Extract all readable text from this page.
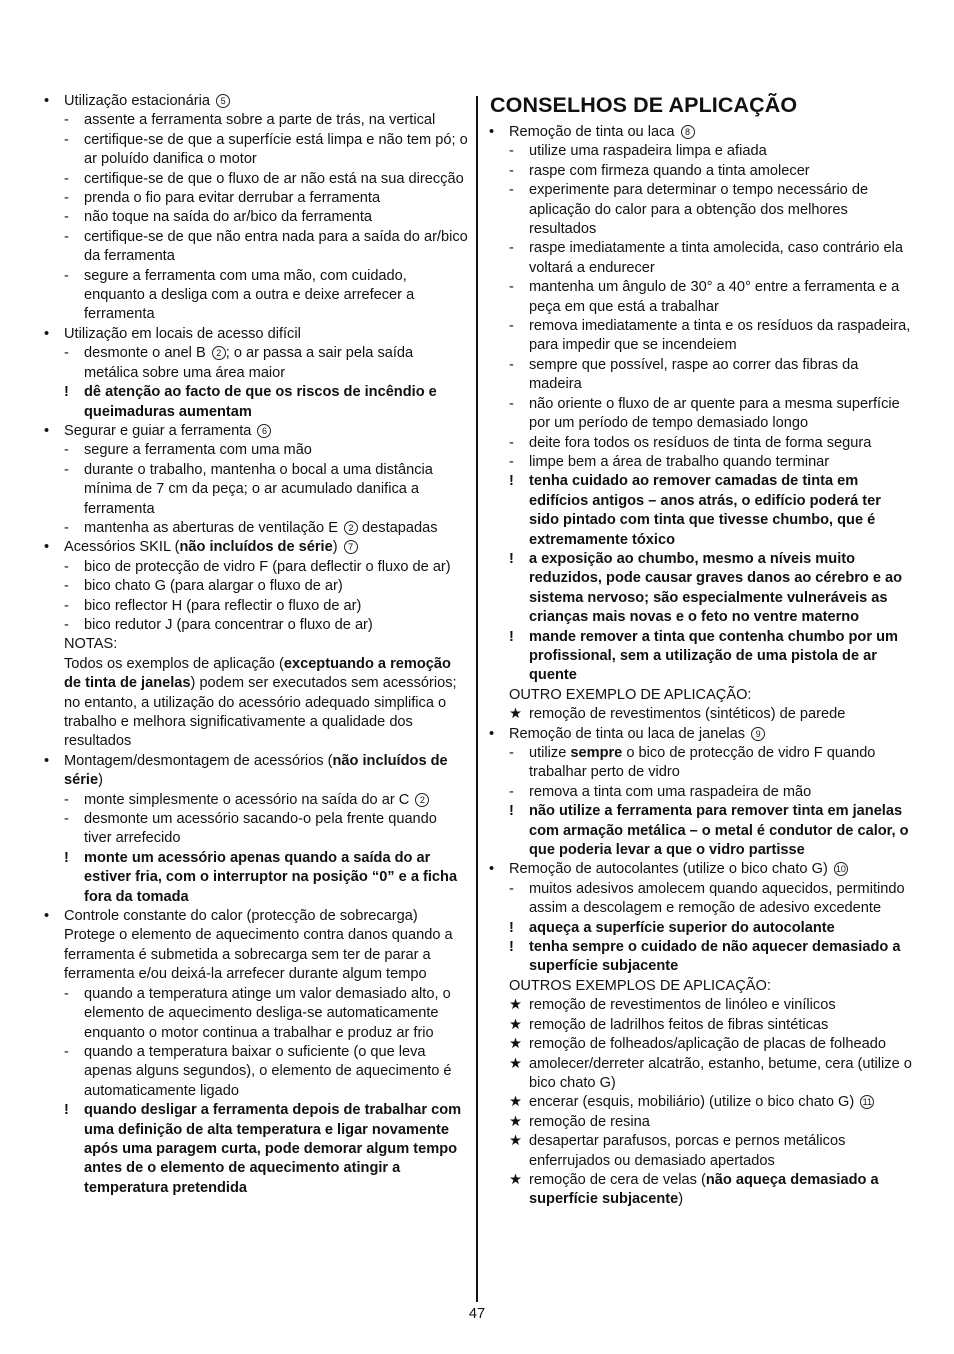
• Utilização estacionária 5
- assente a ferramenta sobre a parte de trás, na vertical
- certifique-se de que a superfície está limpa e não tem pó; o ar poluído danifica o motor
- certifique-se de que o fluxo de ar não está na sua direcção
- prenda o fio para evitar derrubar a ferramenta
- não toque na saída do ar/bico da ferramenta
- certifique-se de que não entra nada para a saída do ar/bico da ferramenta
- segure a ferramenta com uma mão, com cuidado, enquanto a desliga com a outra e deixe arrefecer a ferramenta
• Utilização em locais de acesso difícil
- desmonte o anel B 2 ; o ar passa a sair pela saída metálica sobre uma área maior
! dê atenção ao facto de que os riscos de incêndio e queimaduras aumentam
• Segurar e guiar a ferramenta 6
- segure a ferramenta com uma mão
- durante o trabalho, mantenha o bocal a uma distância mínima de 7 cm da peça; o ar acumulado danifica a ferramenta
- mantenha as aberturas de ventilação E 2 destapadas
• Acessórios SKIL (não incluídos de série) 7
- bico de protecção de vidro F (para deflectir o fluxo de ar)
- bico chato G (para alargar o fluxo de ar)
- bico reflector H (para reflectir o fluxo de ar)
- bico redutor J (para concentrar o fluxo de ar)
NOTAS:
Todos os exemplos de aplicação (exceptuando a remoção de tinta de janelas) podem ser executados sem acessórios; no entanto, a utilização do acessório adequado simplifica o trabalho e melhora significativamente a qualidade dos resultados
• Montagem/desmontagem de acessórios (não incluídos de série)
- monte simplesmente o acessório na saída do ar C 2
- desmonte um acessório sacando-o pela frente quando tiver arrefecido
! monte um acessório apenas quando a saída do ar estiver fria, com o interruptor na posição “0” e a ficha fora da tomada
• Controle constante do calor (protecção de sobrecarga) Protege o elemento de aquecimento contra danos quando a ferramenta é submetida a sobrecarga sem ter de parar a ferramenta e/ou deixá-la arrefecer durante algum tempo
- quando a temperatura atinge um valor demasiado alto, o elemento de aquecimento desliga-se automaticamente enquanto o motor continua a trabalhar e produz ar frio
- quando a temperatura baixar o suficiente (o que leva apenas alguns segundos), o elemento de aquecimento é automaticamente ligado
! quando desligar a ferramenta depois de trabalhar com uma definição de alta temperatura e ligar novamente após uma paragem curta, pode demorar algum tempo antes de o elemento de aquecimento atingir a temperatura pretendida
CONSELHOS DE APLICAÇÃO
• Remoção de tinta ou laca 8
- utilize uma raspadeira limpa e afiada
- raspe com firmeza quando a tinta amolecer
- experimente para determinar o tempo necessário de aplicação do calor para a obtenção dos melhores resultados
- raspe imediatamente a tinta amolecida, caso contrário ela voltará a endurecer
- mantenha um ângulo de 30° a 40° entre a ferramenta e a peça em que está a trabalhar
- remova imediatamente a tinta e os resíduos da raspadeira, para impedir que se incendeiem
- sempre que possível, raspe ao correr das fibras da madeira
- não oriente o fluxo de ar quente para a mesma superfície por um período de tempo demasiado longo
- deite fora todos os resíduos de tinta de forma segura
- limpe bem a área de trabalho quando terminar
! tenha cuidado ao remover camadas de tinta em edifícios antigos – anos atrás, o edifício poderá ter sido pintado com tinta que tivesse chumbo, que é extremamente tóxico
! a exposição ao chumbo, mesmo a níveis muito reduzidos, pode causar graves danos ao cérebro e ao sistema nervoso; são especialmente vulneráveis as crianças mais novas e o feto no ventre materno
! mande remover a tinta que contenha chumbo por um profissional, sem a utilização de uma pistola de ar quente
OUTRO EXEMPLO DE APLICAÇÃO:
★ remoção de revestimentos (sintéticos) de parede
• Remoção de tinta ou laca de janelas 9
- utilize sempre o bico de protecção de vidro F quando trabalhar perto de vidro
- remova a tinta com uma raspadeira de mão
! não utilize a ferramenta para remover tinta em janelas com armação metálica – o metal é condutor de calor, o que poderia levar a que o vidro partisse
• Remoção de autocolantes (utilize o bico chato G) 10
- muitos adesivos amolecem quando aquecidos, permitindo assim a descolagem e remoção de adesivo excedente
! aqueça a superfície superior do autocolante
! tenha sempre o cuidado de não aquecer demasiado a superfície subjacente
OUTROS EXEMPLOS DE APLICAÇÃO:
★ remoção de revestimentos de linóleo e vinílicos
★ remoção de ladrilhos feitos de fibras sintéticas
★ remoção de folheados/aplicação de placas de folheado
★ amolecer/derreter alcatrão, estanho, betume, cera (utilize o bico chato G)
★ encerar (esquis, mobiliário) (utilize o bico chato G) 11
★ remoção de resina
★ desapertar parafusos, porcas e pernos metálicos enferrujados ou demasiado apertados
★ remoção de cera de velas (não aqueça demasiado a superfície subjacente)
47
